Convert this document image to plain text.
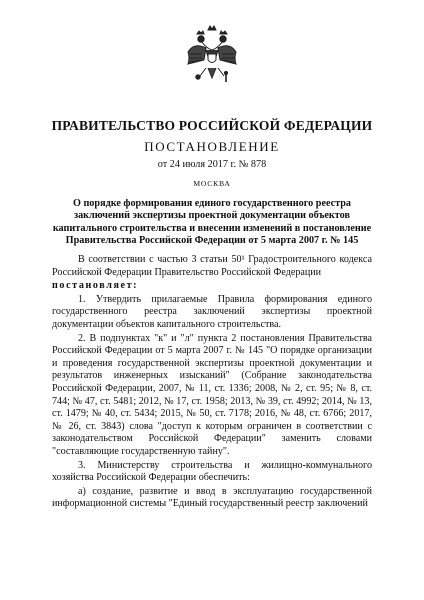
ПРАВИТЕЛЬСТВО РОССИЙСКОЙ ФЕДЕРАЦИИ
ПОСТАНОВЛЕНИЕ
от 24 июля 2017 г. № 878
МОСКВА
О порядке формирования единого государственного реестра
заключений экспертизы проектной документации объектов
капитального строительства и внесении изменений в постановление
Правительства Российской Федерации от 5 марта 2007 г. № 145

В соответствии с частью 3 статьи 50¹ Градостроительного кодекса Российской Федерации Правительство Российской Федерации

постановляет:

1. Утвердить прилагаемые Правила формирования единого государственного реестра заключений экспертизы проектной документации объектов капитального строительства.

2. В подпунктах "к" и "л" пункта 2 постановления Правительства Российской Федерации от 5 марта 2007 г. № 145 "О порядке организации и проведения государственной экспертизы проектной документации и результатов инженерных изысканий" (Собрание законодательства Российской Федерации, 2007, № 11, ст. 1336; 2008, № 2, ст. 95; № 8, ст. 744; № 47, ст. 5481; 2012, № 17, ст. 1958; 2013, № 39, ст. 4992; 2014, № 13, ст. 1479; № 40, ст. 5434; 2015, № 50, ст. 7178; 2016, № 48, ст. 6766; 2017, № 26, ст. 3843) слова "доступ к которым ограничен в соответствии с законодательством Российской Федерации" заменить словами "составляющие государственную тайну".

3. Министерству строительства и жилищно-коммунального хозяйства Российской Федерации обеспечить:

а) создание, развитие и ввод в эксплуатацию государственной информационной системы "Единый государственный реестр заключений
